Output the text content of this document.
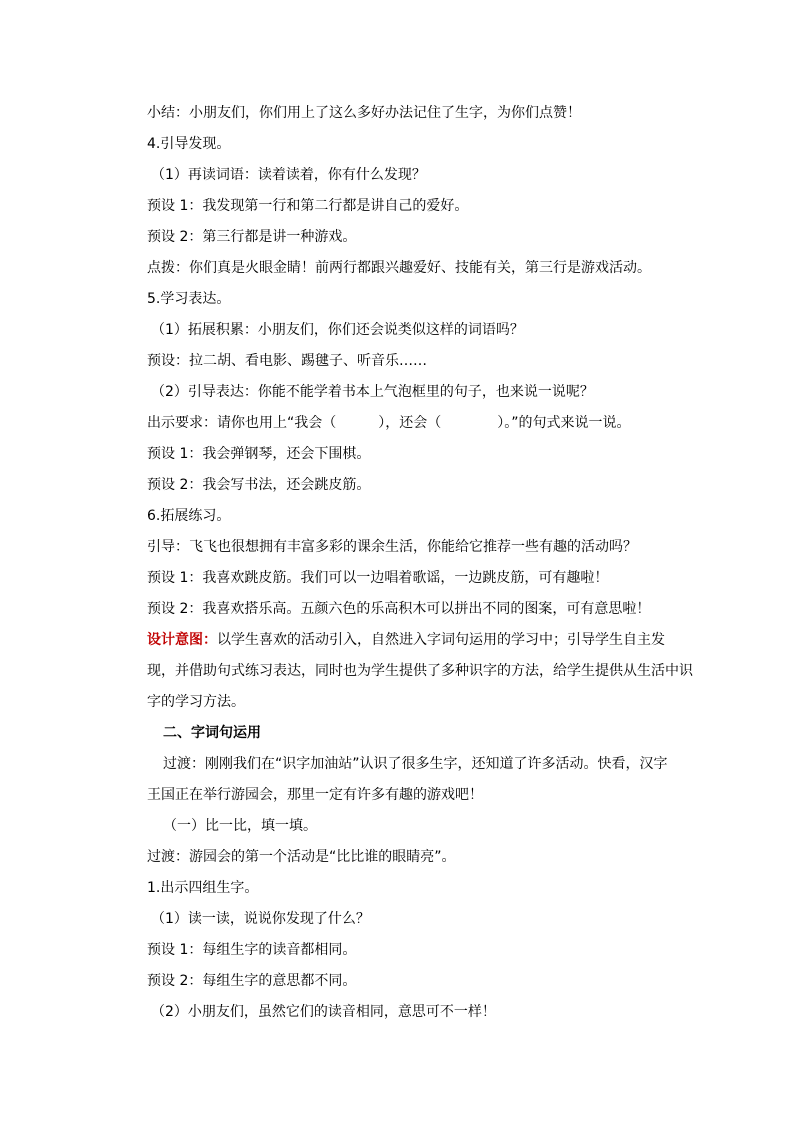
小结：小朋友们，你们用上了这么多好办法记住了生字，为你们点赞！
4.引导发现。
（1）再读词语：读着读着，你有什么发现？
预设 1：我发现第一行和第二行都是讲自己的爱好。
预设 2：第三行都是讲一种游戏。
点拨：你们真是火眼金睛！前两行都跟兴趣爱好、技能有关，第三行是游戏活动。
5.学习表达。
（1）拓展积累：小朋友们，你们还会说类似这样的词语吗？
预设：拉二胡、看电影、踢毽子、听音乐……
（2）引导表达：你能不能学着书本上气泡框里的句子，也来说一说呢？
出示要求：请你也用上“我会（　　　），还会（　　　　）。”的句式来说一说。
预设 1：我会弹钢琴，还会下围棋。
预设 2：我会写书法，还会跳皮筋。
6.拓展练习。
引导：飞飞也很想拥有丰富多彩的课余生活，你能给它推荐一些有趣的活动吗？
预设 1：我喜欢跳皮筋。我们可以一边唱着歌谣，一边跳皮筋，可有趣啦！
预设 2：我喜欢搭乐高。五颜六色的乐高积木可以拼出不同的图案，可有意思啦！
设计意图：以学生喜欢的活动引入，自然进入字词句运用的学习中；引导学生自主发
现，并借助句式练习表达，同时也为学生提供了多种识字的方法，给学生提供从生活中识
字的学习方法。
二、字词句运用
过渡：刚刚我们在“识字加油站”认识了很多生字，还知道了许多活动。快看，汉字
王国正在举行游园会，那里一定有许多有趣的游戏吧！
（一）比一比，填一填。
过渡：游园会的第一个活动是“比比谁的眼睛亮”。
1.出示四组生字。
（1）读一读，说说你发现了什么？
预设 1：每组生字的读音都相同。
预设 2：每组生字的意思都不同。
（2）小朋友们，虽然它们的读音相同，意思可不一样！
